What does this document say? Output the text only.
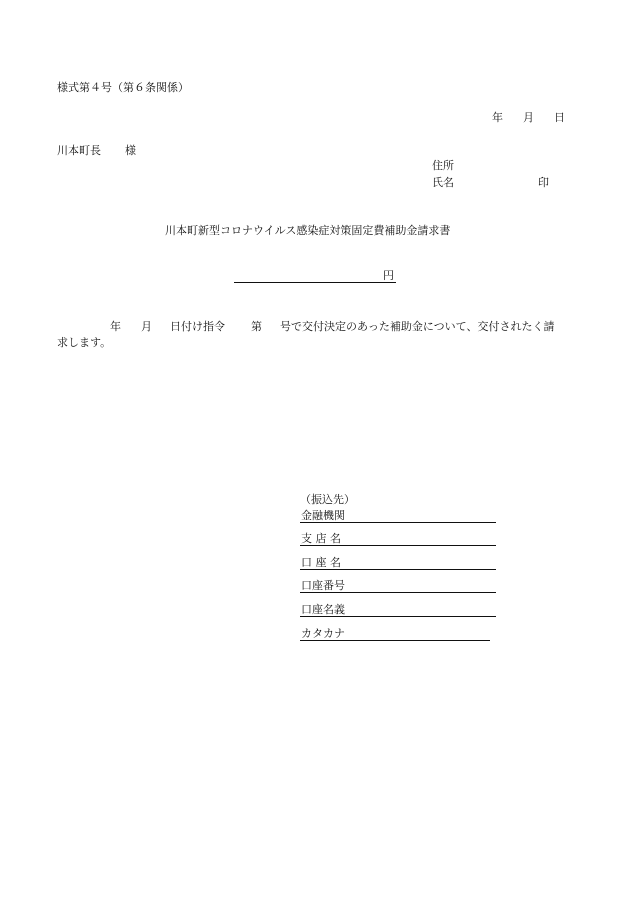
様式第４号（第６条関係）
年 月 日
川本町長 様
住所
氏名	印
川本町新型コロナウイルス感染症対策固定費補助金請求書
円
年 月 日付け指令 第 号で交付決定のあった補助金について、交付されたく請
求します。
（振込先）
金融機関
支 店 名
口 座 名
口座番号
口座名義
カタカナ
